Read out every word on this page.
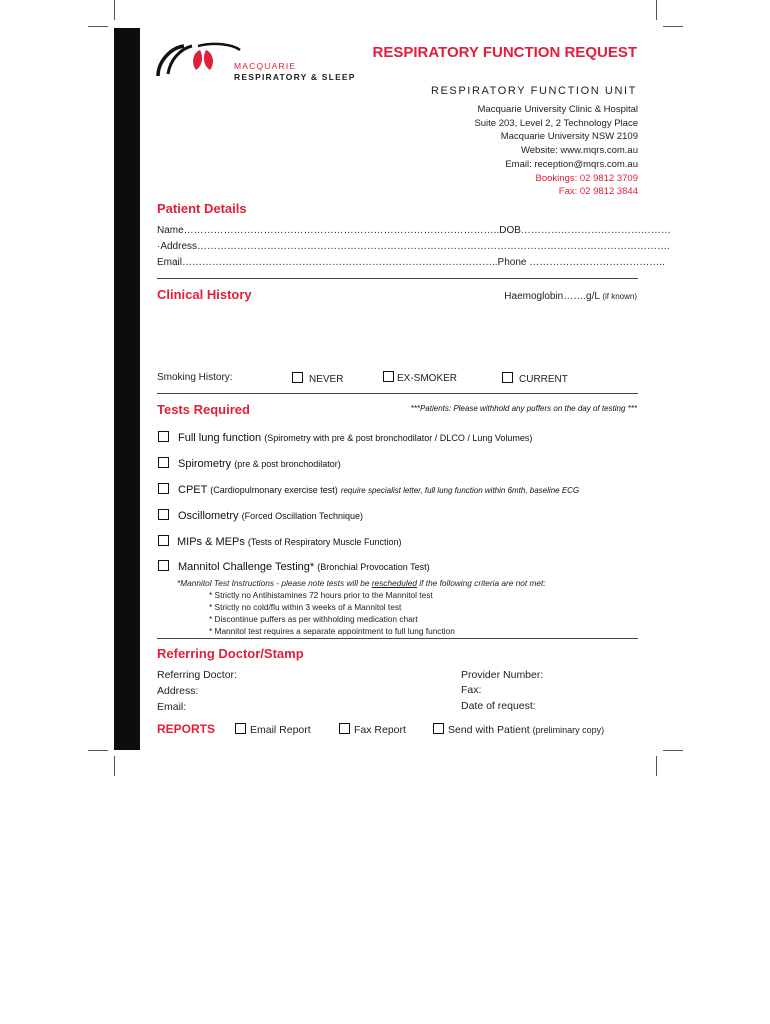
MACQUARIE
RESPIRATORY & SLEEP
RESPIRATORY FUNCTION REQUEST
RESPIRATORY FUNCTION UNIT
Macquarie University Clinic & Hospital
Suite 203, Level 2, 2 Technology Place
Macquarie University NSW 2109
Website: www.mqrs.com.au
Email: reception@mqrs.com.au
Bookings: 02 9812 3709
Fax: 02 9812 3844
Patient Details
Name…………………………………………………………………………………..DOB………………………………………
·Address…………………………………………………………………………………………………………………………….
Email…………………………………………………………………………………..Phone …………………………………..
Clinical History	Haemoglobin…….g/L (if known)
Smoking History:	NEVER	EX-SMOKER	CURRENT
Tests Required	***Patients: Please withhold any puffers on the day of testing ***
Full lung function (Spirometry with pre & post bronchodilator / DLCO / Lung Volumes)
Spirometry (pre & post bronchodilator)
CPET (Cardiopulmonary exercise test) require specialist letter, full lung function within 6mth, baseline ECG
Oscillometry (Forced Oscillation Technique)
MIPs & MEPs (Tests of Respiratory Muscle Function)
Mannitol Challenge Testing* (Bronchial Provocation Test)
*Mannitol Test Instructions - please note tests will be rescheduled if the following criteria are not met:
* Strictly no Antihistamines 72 hours prior to the Mannitol test
* Strictly no cold/flu within 3 weeks of a Mannitol test
* Discontinue puffers as per withholding medication chart
* Mannitol test requires a separate appointment to full lung function
Referring Doctor/Stamp
Referring Doctor:
Address:
Email:
Provider Number:
Fax:
Date of request:
REPORTS	Email Report	Fax Report	Send with Patient (preliminary copy)
